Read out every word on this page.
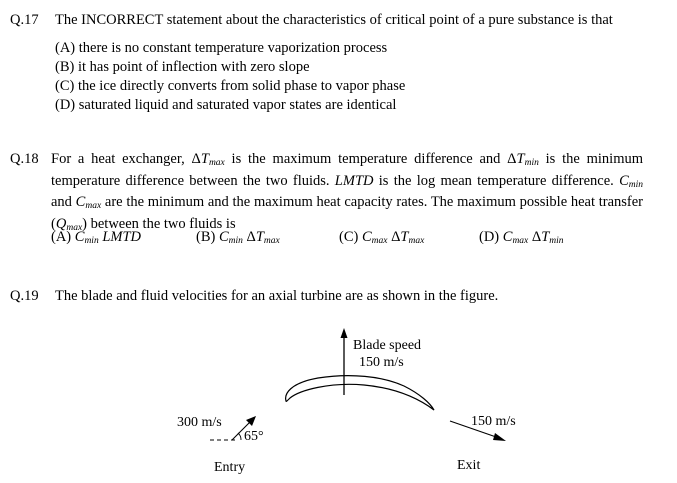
Q.17 The INCORRECT statement about the characteristics of critical point of a pure substance is that
(A) there is no constant temperature vaporization process
(B) it has point of inflection with zero slope
(C) the ice directly converts from solid phase to vapor phase
(D) saturated liquid and saturated vapor states are identical
Q.18 For a heat exchanger, $\Delta T_{max}$ is the maximum temperature difference and $\Delta T_{min}$ is the minimum temperature difference between the two fluids. LMTD is the log mean temperature difference. $C_{min}$ and $C_{max}$ are the minimum and the maximum heat capacity rates. The maximum possible heat transfer $(Q_{max})$ between the two fluids is
(A) $C_{min}$ LMTD	(B) $C_{min}$ $\Delta T_{max}$	(C) $C_{max}$ $\Delta T_{max}$	(D) $C_{max}$ $\Delta T_{min}$
Q.19 The blade and fluid velocities for an axial turbine are as shown in the figure.
Blade speed
150 m/s
300 m/s
65°
150 m/s
Entry	Exit
